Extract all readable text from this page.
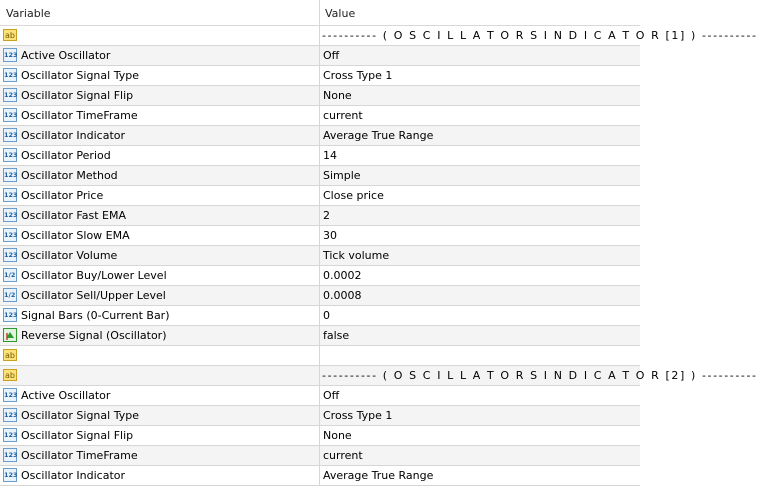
Variable	Value
ab	---------- ( O S C I L L A T O R S I N D I C A T O R [1] ) ----------
123 Active Oscillator	Off
123 Oscillator Signal Type	Cross Type 1
123 Oscillator Signal Flip	None
123 Oscillator TimeFrame	current
123 Oscillator Indicator	Average True Range
123 Oscillator Period	14
123 Oscillator Method	Simple
123 Oscillator Price	Close price
123 Oscillator Fast EMA	2
123 Oscillator Slow EMA	30
123 Oscillator Volume	Tick volume
1/2 Oscillator Buy/Lower Level	0.0002
1/2 Oscillator Sell/Upper Level	0.0008
123 Signal Bars (0-Current Bar)	0
Reverse Signal (Oscillator)	false
ab
ab	---------- ( O S C I L L A T O R S I N D I C A T O R [2] ) ----------
123 Active Oscillator	Off
123 Oscillator Signal Type	Cross Type 1
123 Oscillator Signal Flip	None
123 Oscillator TimeFrame	current
123 Oscillator Indicator	Average True Range
